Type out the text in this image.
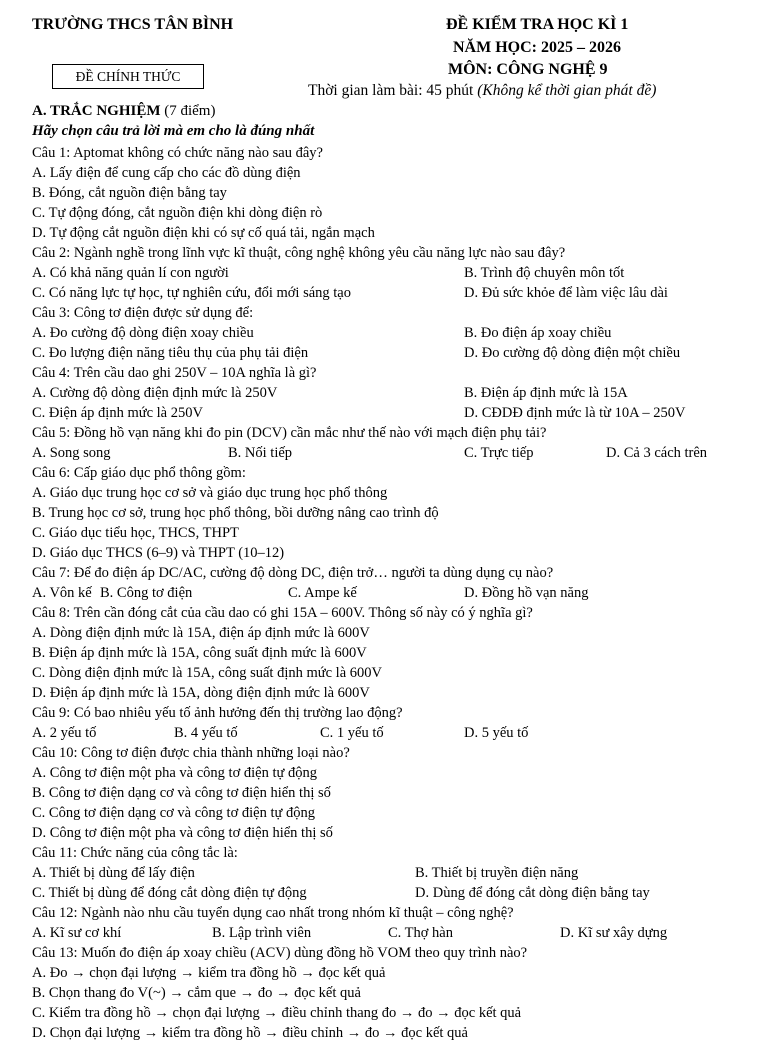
TRƯỜNG THCS TÂN BÌNH	ĐỀ KIỂM TRA HỌC KÌ 1
NĂM HỌC: 2025 – 2026
MÔN: CÔNG NGHỆ 9
ĐỀ CHÍNH THỨC
Thời gian làm bài: 45 phút (Không kể thời gian phát đề)
A. TRẮC NGHIỆM (7 điểm)
Hãy chọn câu trả lời mà em cho là đúng nhất
Câu 1: Aptomat không có chức năng nào sau đây?
A. Lấy điện để cung cấp cho các đồ dùng điện
B. Đóng, cắt nguồn điện bằng tay
C. Tự động đóng, cắt nguồn điện khi dòng điện rò
D. Tự động cắt nguồn điện khi có sự cố quá tải, ngắn mạch
Câu 2: Ngành nghề trong lĩnh vực kĩ thuật, công nghệ không yêu cầu năng lực nào sau đây?
A. Có khả năng quản lí con người	B. Trình độ chuyên môn tốt
C. Có năng lực tự học, tự nghiên cứu, đổi mới sáng tạo	D. Đủ sức khỏe để làm việc lâu dài
Câu 3: Công tơ điện được sử dụng để:
A. Đo cường độ dòng điện xoay chiều	B. Đo điện áp xoay chiều
C. Đo lượng điện năng tiêu thụ của phụ tải điện	D. Đo cường độ dòng điện một chiều
Câu 4: Trên cầu dao ghi 250V – 10A nghĩa là gì?
A. Cường độ dòng điện định mức là 250V	B. Điện áp định mức là 15A
C. Điện áp định mức là 250V	D. CĐDĐ định mức là từ 10A – 250V
Câu 5: Đồng hồ vạn năng khi đo pin (DCV) cần mắc như thế nào với mạch điện phụ tải?
A. Song song	B. Nối tiếp	C. Trực tiếp	D. Cả 3 cách trên
Câu 6: Cấp giáo dục phổ thông gồm:
A. Giáo dục trung học cơ sở và giáo dục trung học phổ thông
B. Trung học cơ sở, trung học phổ thông, bồi dưỡng nâng cao trình độ
C. Giáo dục tiểu học, THCS, THPT
D. Giáo dục THCS (6–9) và THPT (10–12)
Câu 7: Để đo điện áp DC/AC, cường độ dòng DC, điện trở… người ta dùng dụng cụ nào?
A. Vôn kế B. Công tơ điện	C. Ampe kế	D. Đồng hồ vạn năng
Câu 8: Trên cần đóng cắt của cầu dao có ghi 15A – 600V. Thông số này có ý nghĩa gì?
A. Dòng điện định mức là 15A, điện áp định mức là 600V
B. Điện áp định mức là 15A, công suất định mức là 600V
C. Dòng điện định mức là 15A, công suất định mức là 600V
D. Điện áp định mức là 15A, dòng điện định mức là 600V
Câu 9: Có bao nhiêu yếu tố ảnh hưởng đến thị trường lao động?
A. 2 yếu tố	B. 4 yếu tố	C. 1 yếu tố	D. 5 yếu tố
Câu 10: Công tơ điện được chia thành những loại nào?
A. Công tơ điện một pha và công tơ điện tự động
B. Công tơ điện dạng cơ và công tơ điện hiển thị số
C. Công tơ điện dạng cơ và công tơ điện tự động
D. Công tơ điện một pha và công tơ điện hiển thị số
Câu 11: Chức năng của công tắc là:
A. Thiết bị dùng để lấy điện	B. Thiết bị truyền điện năng
C. Thiết bị dùng để đóng cắt dòng điện tự động	D. Dùng để đóng cắt dòng điện bằng tay
Câu 12: Ngành nào nhu cầu tuyển dụng cao nhất trong nhóm kĩ thuật – công nghệ?
A. Kĩ sư cơ khí	B. Lập trình viên	C. Thợ hàn	D. Kĩ sư xây dựng
Câu 13: Muốn đo điện áp xoay chiều (ACV) dùng đồng hồ VOM theo quy trình nào?
A. Đo → chọn đại lượng → kiểm tra đồng hồ → đọc kết quả
B. Chọn thang đo V(~) → cắm que → đo → đọc kết quả
C. Kiểm tra đồng hồ → chọn đại lượng → điều chỉnh thang đo → đo → đọc kết quả
D. Chọn đại lượng → kiểm tra đồng hồ → điều chỉnh → đo → đọc kết quả
